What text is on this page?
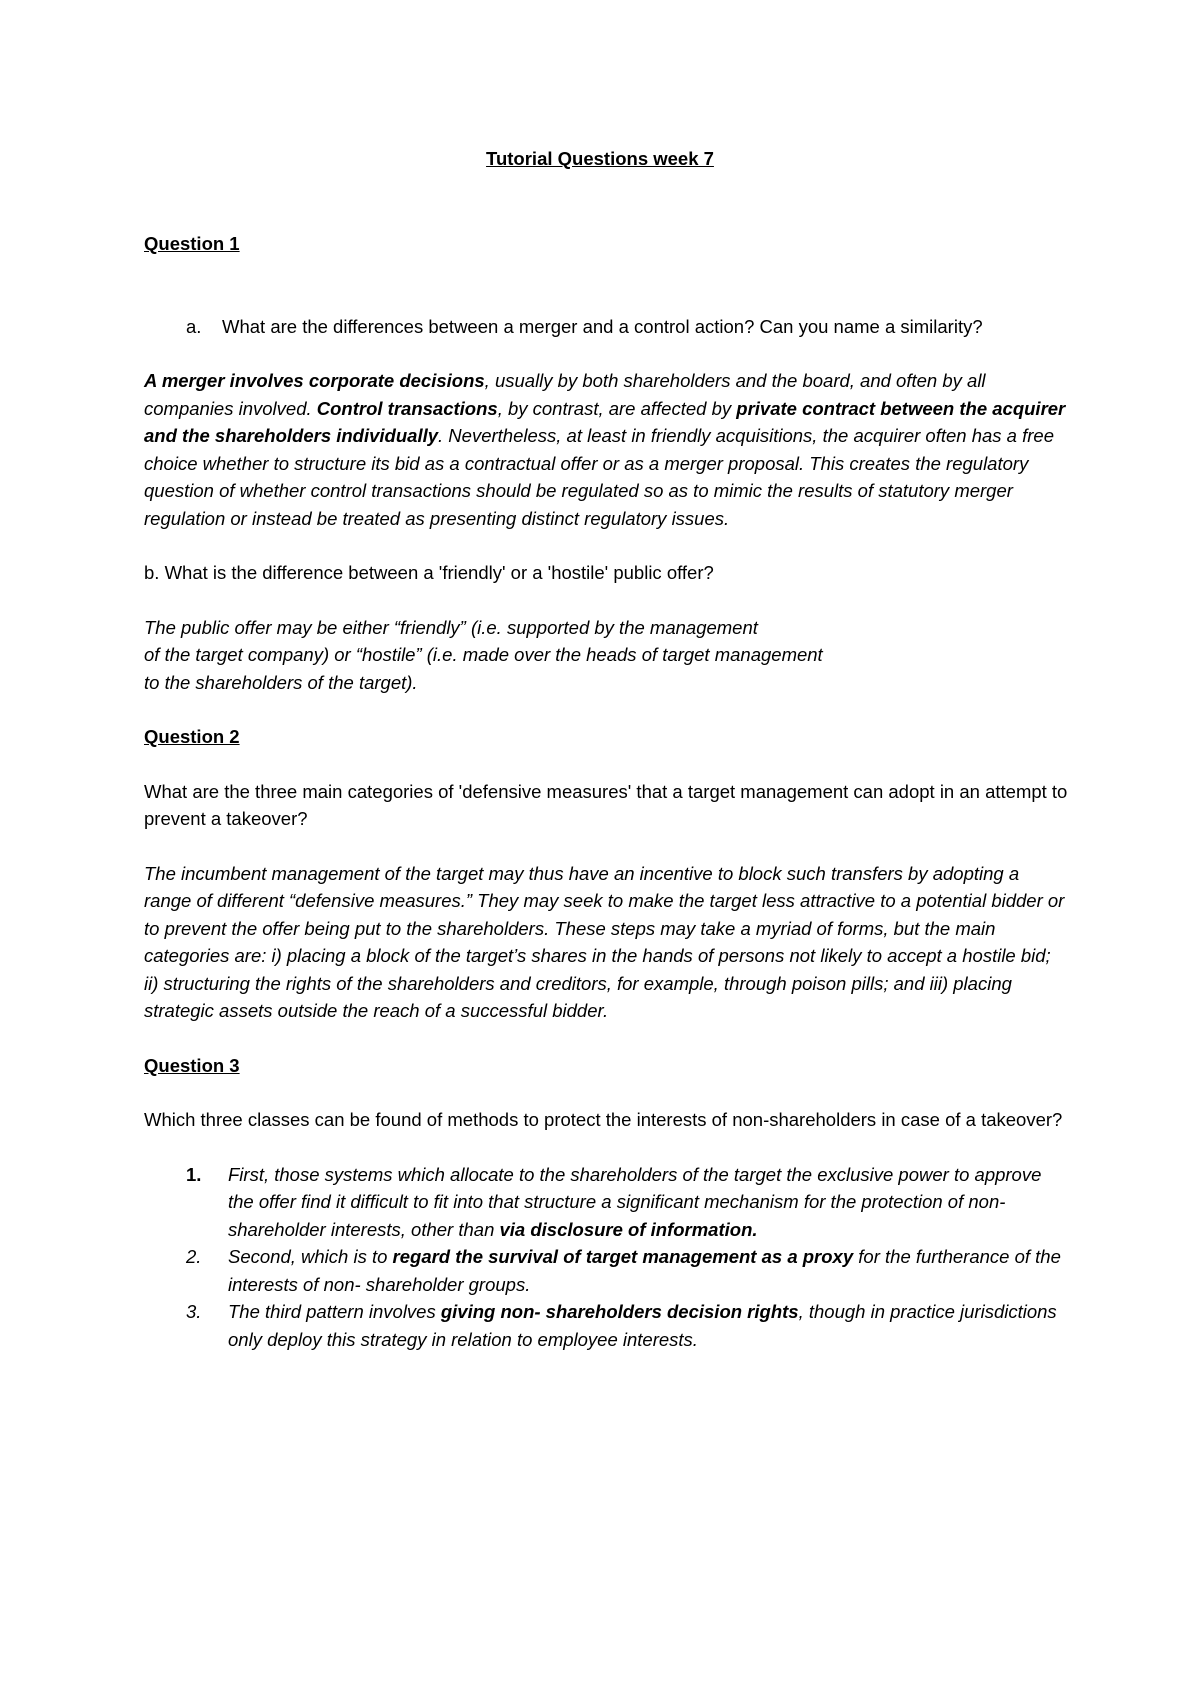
Tutorial Questions week 7

Question 1

a.	What are the differences between a merger and a control action? Can you name a similarity?

A merger involves corporate decisions, usually by both shareholders and the board, and often by all companies involved. Control transactions, by contrast, are affected by private contract between the acquirer and the shareholders individually. Nevertheless, at least in friendly acquisitions, the acquirer often has a free choice whether to structure its bid as a contractual offer or as a merger proposal. This creates the regulatory question of whether control transactions should be regulated so as to mimic the results of statutory merger regulation or instead be treated as presenting distinct regulatory issues.

b. What is the difference between a 'friendly' or a 'hostile' public offer?

The public offer may be either “friendly” (i.e. supported by the management

of the target company) or “hostile” (i.e. made over the heads of target management

to the shareholders of the target).

Question 2

What are the three main categories of 'defensive measures' that a target management can adopt in an attempt to prevent a takeover?

The incumbent management of the target may thus have an incentive to block such transfers by adopting a range of different “defensive measures.” They may seek to make the target less attractive to a potential bidder or to prevent the offer being put to the shareholders. These steps may take a myriad of forms, but the main categories are: i) placing a block of the target’s shares in the hands of persons not likely to accept a hostile bid; ii) structuring the rights of the shareholders and creditors, for example, through poison pills; and iii) placing strategic assets outside the reach of a successful bidder.

Question 3

Which three classes can be found of methods to protect the interests of non-shareholders in case of a takeover?

1.	First, those systems which allocate to the shareholders of the target the exclusive power to approve the offer find it difficult to fit into that structure a significant mechanism for the protection of non- shareholder interests, other than via disclosure of information.
2.	Second, which is to regard the survival of target management as a proxy for the furtherance of the interests of non- shareholder groups.
3.	The third pattern involves giving non- shareholders decision rights, though in practice jurisdictions only deploy this strategy in relation to employee interests.
